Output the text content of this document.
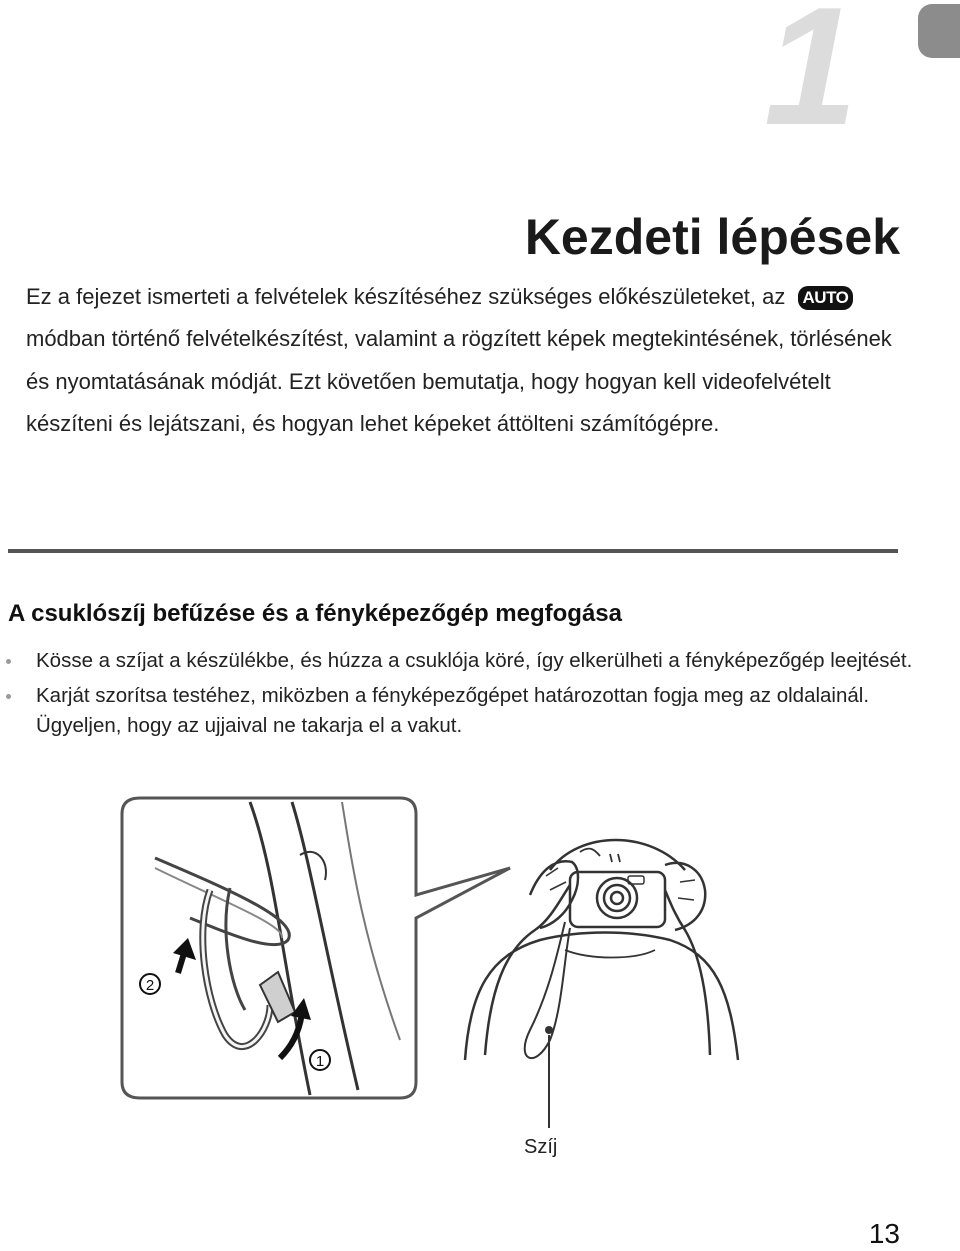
1
Kezdeti lépések

Ez a fejezet ismerteti a felvételek készítéséhez szükséges előkészületeket, az AUTO módban történő felvételkészítést, valamint a rögzített képek megtekintésének, törlésének és nyomtatásának módját. Ezt követően bemutatja, hogy hogyan kell videofelvételt készíteni és lejátszani, és hogyan lehet képeket áttölteni számítógépre.

A csuklószíj befűzése és a fényképezőgép megfogása
Kösse a szíjat a készülékbe, és húzza a csuklója köré, így elkerülheti a fényképezőgép leejtését.
Karját szorítsa testéhez, miközben a fényképezőgépet határozottan fogja meg az oldalainál. Ügyeljen, hogy az ujjaival ne takarja el a vakut.
2
1
Szíj
13
